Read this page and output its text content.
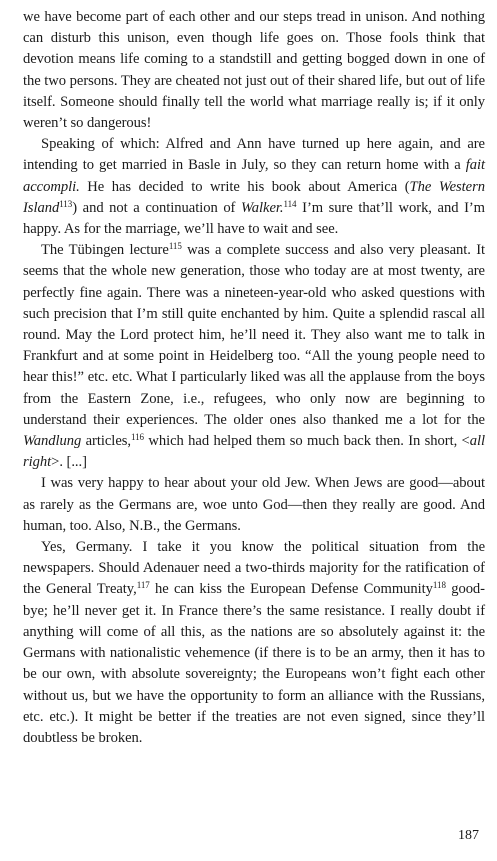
we have become part of each other and our steps tread in unison. And nothing can disturb this unison, even though life goes on. Those fools think that devotion means life coming to a standstill and getting bogged down in one of the two persons. They are cheated not just out of their shared life, but out of life itself. Someone should finally tell the world what marriage really is; if it only weren’t so dangerous!

Speaking of which: Alfred and Ann have turned up here again, and are intending to get married in Basle in July, so they can return home with a fait accompli. He has decided to write his book about America (The Western Island$^{113}$) and not a continuation of Walker.$^{114}$ I’m sure that’ll work, and I’m happy. As for the marriage, we’ll have to wait and see.

The Tübingen lecture$^{115}$ was a complete success and also very pleasant. It seems that the whole new generation, those who today are at most twenty, are perfectly fine again. There was a nineteen-year-old who asked questions with such precision that I’m still quite enchanted by him. Quite a splendid rascal all round. May the Lord protect him, he’ll need it. They also want me to talk in Frankfurt and at some point in Heidelberg too. “All the young people need to hear this!” etc. etc. What I particularly liked was all the applause from the boys from the Eastern Zone, i.e., refugees, who only now are beginning to understand their experiences. The older ones also thanked me a lot for the Wandlung articles,$^{116}$ which had helped them so much back then. In short, <all right>. [...]

I was very happy to hear about your old Jew. When Jews are good—about as rarely as the Germans are, woe unto God—then they really are good. And human, too. Also, N.B., the Germans.

Yes, Germany. I take it you know the political situation from the newspapers. Should Adenauer need a two-thirds majority for the ratification of the General Treaty,$^{117}$ he can kiss the European Defense Community$^{118}$ good-bye; he’ll never get it. In France there’s the same resistance. I really doubt if anything will come of all this, as the nations are so absolutely against it: the Germans with nationalistic vehemence (if there is to be an army, then it has to be our own, with absolute sovereignty; the Europeans won’t fight each other without us, but we have the opportunity to form an alliance with the Russians, etc. etc.). It might be better if the treaties are not even signed, since they’ll doubtless be broken.

187
